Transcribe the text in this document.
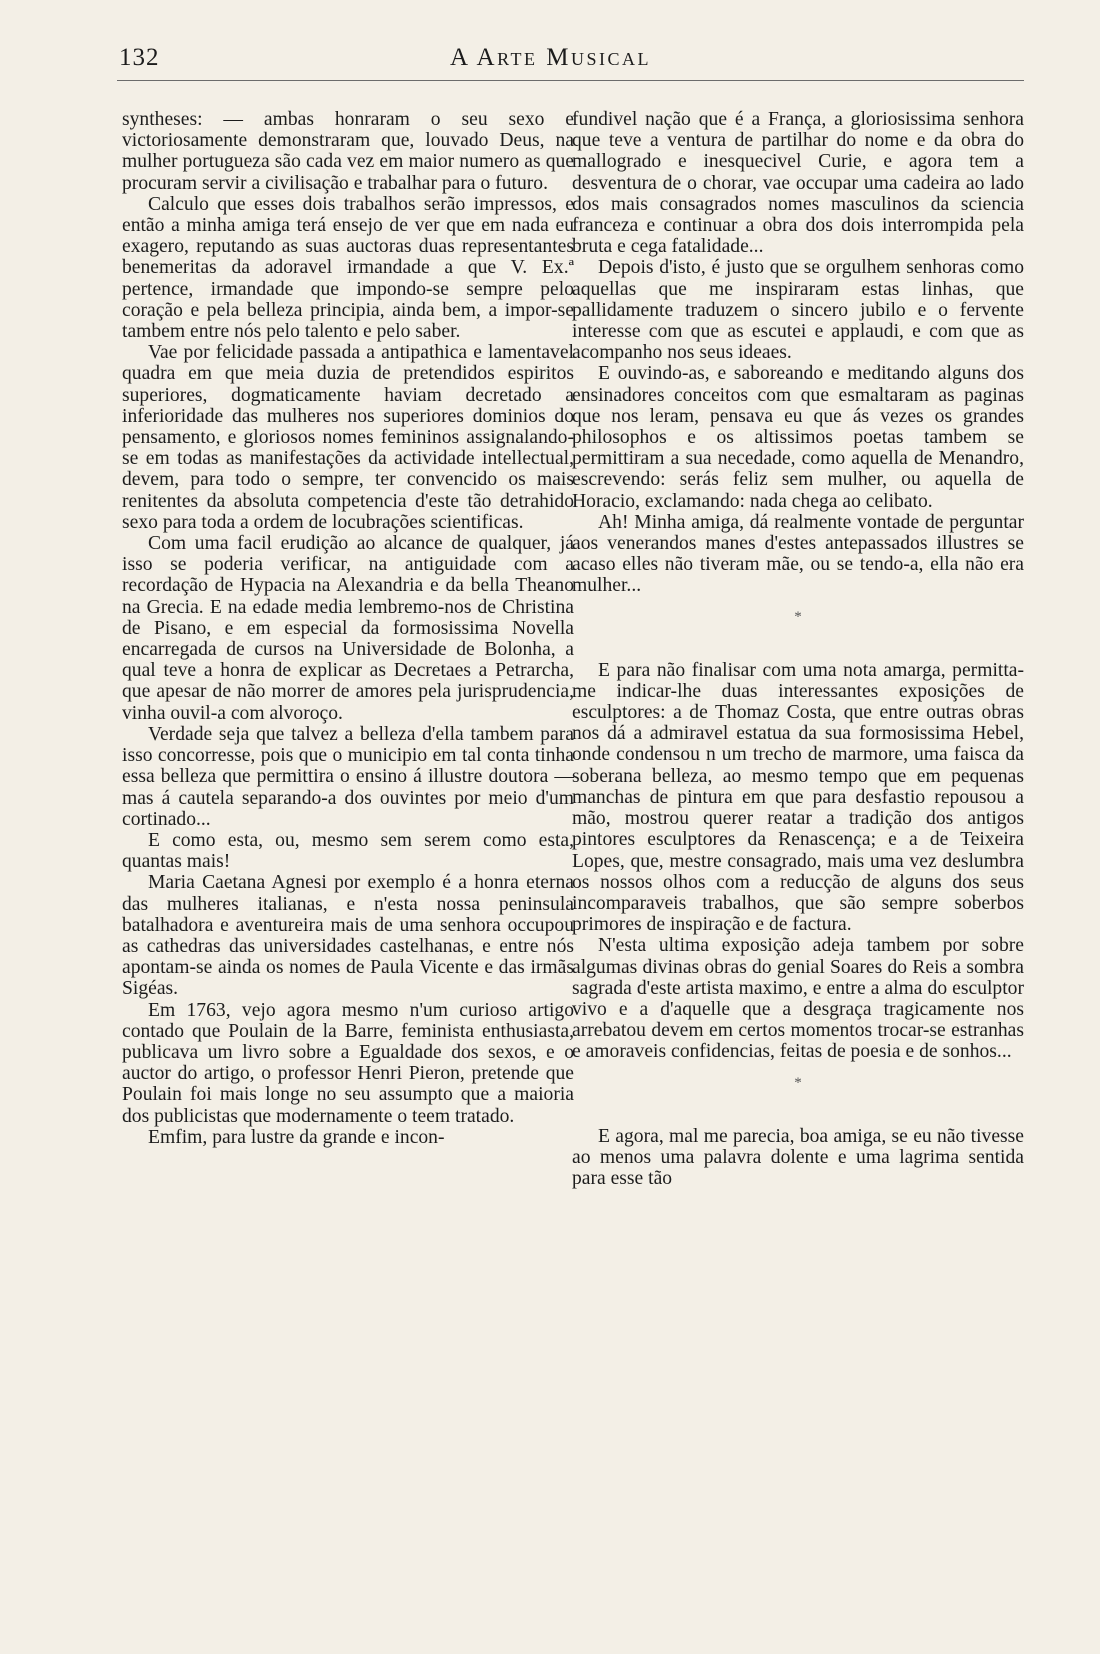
132	A Arte Musical

syntheses: — ambas honraram o seu sexo e victoriosamente demonstraram que, louvado Deus, na mulher portugueza são cada vez em maior numero as que procuram servir a civilisação e trabalhar para o futuro.

Calculo que esses dois trabalhos serão impressos, e então a minha amiga terá ensejo de ver que em nada eu exagero, reputando as suas auctoras duas representantes benemeritas da adoravel irmandade a que V. Ex.ª pertence, irmandade que impondo-se sempre pelo coração e pela belleza principia, ainda bem, a impor-se tambem entre nós pelo talento e pelo saber.

Vae por felicidade passada a antipathica e lamentavel quadra em que meia duzia de pretendidos espiritos superiores, dogmaticamente haviam decretado a inferioridade das mulheres nos superiores dominios do pensamento, e gloriosos nomes femininos assignalando-se em todas as manifestações da actividade intellectual, devem, para todo o sempre, ter convencido os mais renitentes da absoluta competencia d'este tão detrahido sexo para toda a ordem de locubrações scientificas.

Com uma facil erudição ao alcance de qualquer, já isso se poderia verificar, na antiguidade com a recordação de Hypacia na Alexandria e da bella Theano na Grecia. E na edade media lembremo-nos de Christina de Pisano, e em especial da formosissima Novella encarregada de cursos na Universidade de Bolonha, a qual teve a honra de explicar as Decretaes a Petrarcha, que apesar de não morrer de amores pela jurisprudencia, vinha ouvil-a com alvoroço.

Verdade seja que talvez a belleza d'ella tambem para isso concorresse, pois que o municipio em tal conta tinha essa belleza que permittira o ensino á illustre doutora —mas á cautela separando-a dos ouvintes por meio d'um cortinado...

E como esta, ou, mesmo sem serem como esta, quantas mais!

Maria Caetana Agnesi por exemplo é a honra eterna das mulheres italianas, e n'esta nossa peninsula batalhadora e aventureira mais de uma senhora occupou as cathedras das universidades castelhanas, e entre nós apontam-se ainda os nomes de Paula Vicente e das irmãs Sigéas.

Em 1763, vejo agora mesmo n'um curioso artigo contado que Poulain de la Barre, feminista enthusiasta, publicava um livro sobre a Egualdade dos sexos, e o auctor do artigo, o professor Henri Pieron, pretende que Poulain foi mais longe no seu assumpto que a maioria dos publicistas que modernamente o teem tratado.

Emfim, para lustre da grande e incon-

fundivel nação que é a França, a gloriosissima senhora que teve a ventura de partilhar do nome e da obra do mallogrado e inesquecivel Curie, e agora tem a desventura de o chorar, vae occupar uma cadeira ao lado dos mais consagrados nomes masculinos da sciencia franceza e continuar a obra dos dois interrompida pela bruta e cega fatalidade...

Depois d'isto, é justo que se orgulhem senhoras como aquellas que me inspiraram estas linhas, que pallidamente traduzem o sincero jubilo e o fervente interesse com que as escutei e applaudi, e com que as acompanho nos seus ideaes.

E ouvindo-as, e saboreando e meditando alguns dos ensinadores conceitos com que esmaltaram as paginas que nos leram, pensava eu que ás vezes os grandes philosophos e os altissimos poetas tambem se permittiram a sua necedade, como aquella de Menandro, escrevendo: serás feliz sem mulher, ou aquella de Horacio, exclamando: nada chega ao celibato.

Ah! Minha amiga, dá realmente vontade de perguntar aos venerandos manes d'estes antepassados illustres se acaso elles não tiveram mãe, ou se tendo-a, ella não era mulher...

*

E para não finalisar com uma nota amarga, permitta-me indicar-lhe duas interessantes exposições de esculptores: a de Thomaz Costa, que entre outras obras nos dá a admiravel estatua da sua formosissima Hebel, onde condensou n um trecho de marmore, uma faisca da soberana belleza, ao mesmo tempo que em pequenas manchas de pintura em que para desfastio repousou a mão, mostrou querer reatar a tradição dos antigos pintores esculptores da Renascença; e a de Teixeira Lopes, que, mestre consagrado, mais uma vez deslumbra os nossos olhos com a reducção de alguns dos seus incomparaveis trabalhos, que são sempre soberbos primores de inspiração e de factura.

N'esta ultima exposição adeja tambem por sobre algumas divinas obras do genial Soares do Reis a sombra sagrada d'este artista maximo, e entre a alma do esculptor vivo e a d'aquelle que a desgraça tragicamente nos arrebatou devem em certos momentos trocar-se estranhas e amoraveis confidencias, feitas de poesia e de sonhos...

*

E agora, mal me parecia, boa amiga, se eu não tivesse ao menos uma palavra dolente e uma lagrima sentida para esse tão
